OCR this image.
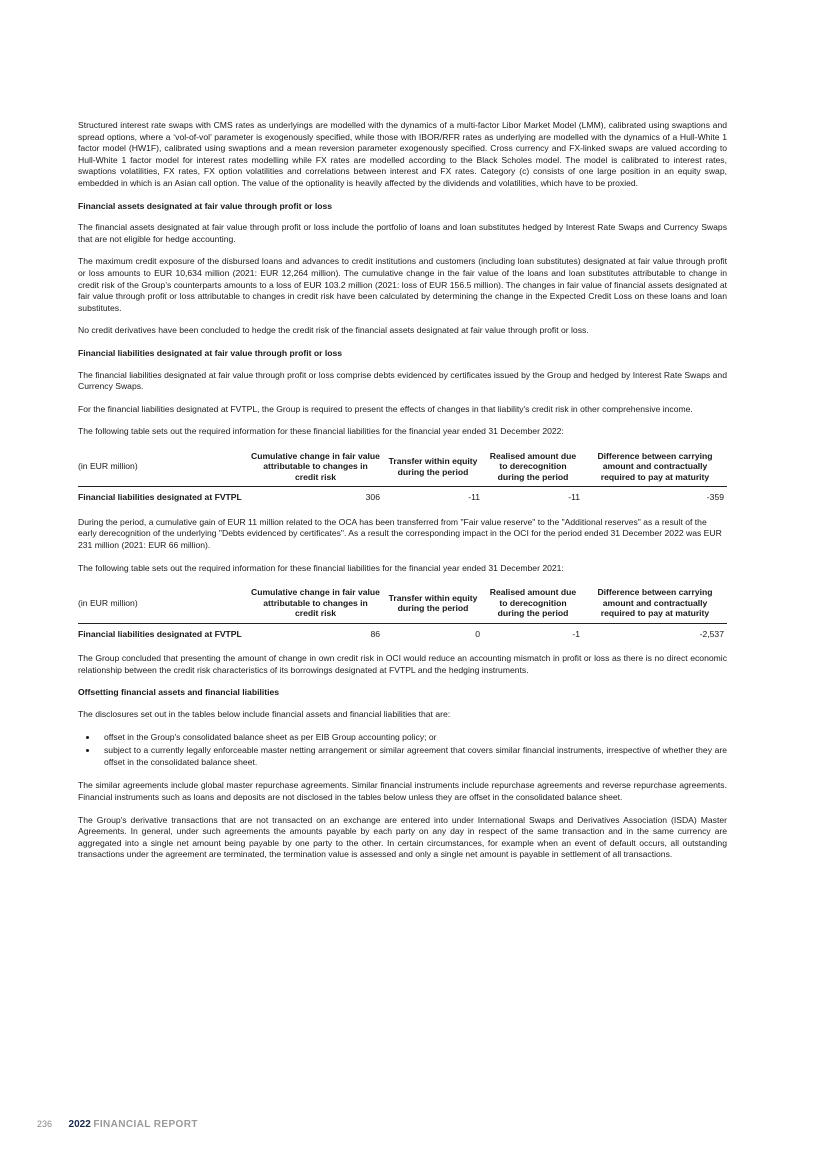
Structured interest rate swaps with CMS rates as underlyings are modelled with the dynamics of a multi-factor Libor Market Model (LMM), calibrated using swaptions and spread options, where a ‘vol-of-vol’ parameter is exogenously specified, while those with IBOR/RFR rates as underlying are modelled with the dynamics of a Hull-White 1 factor model (HW1F), calibrated using swaptions and a mean reversion parameter exogenously specified. Cross currency and FX-linked swaps are valued according to Hull-White 1 factor model for interest rates modelling while FX rates are modelled according to the Black Scholes model. The model is calibrated to interest rates, swaptions volatilities, FX rates, FX option volatilities and correlations between interest and FX rates. Category (c) consists of one large position in an equity swap, embedded in which is an Asian call option. The value of the optionality is heavily affected by the dividends and volatilities, which have to be proxied.

Financial assets designated at fair value through profit or loss

The financial assets designated at fair value through profit or loss include the portfolio of loans and loan substitutes hedged by Interest Rate Swaps and Currency Swaps that are not eligible for hedge accounting.

The maximum credit exposure of the disbursed loans and advances to credit institutions and customers (including loan substitutes) designated at fair value through profit or loss amounts to EUR 10,634 million (2021: EUR 12,264 million). The cumulative change in the fair value of the loans and loan substitutes attributable to change in credit risk of the Group’s counterparts amounts to a loss of EUR 103.2 million (2021: loss of EUR 156.5 million). The changes in fair value of financial assets designated at fair value through profit or loss attributable to changes in credit risk have been calculated by determining the change in the Expected Credit Loss on these loans and loan substitutes.

No credit derivatives have been concluded to hedge the credit risk of the financial assets designated at fair value through profit or loss.

Financial liabilities designated at fair value through profit or loss

The financial liabilities designated at fair value through profit or loss comprise debts evidenced by certificates issued by the Group and hedged by Interest Rate Swaps and Currency Swaps.

For the financial liabilities designated at FVTPL, the Group is required to present the effects of changes in that liability's credit risk in other comprehensive income.

The following table sets out the required information for these financial liabilities for the financial year ended 31 December 2022:

(in EUR million)	Cumulative change in fair value attributable to changes in credit risk	Transfer within equity during the period	Realised amount due to derecognition during the period	Difference between carrying amount and contractually required to pay at maturity
Financial liabilities designated at FVTPL	306	-11	-11	-359

During the period, a cumulative gain of EUR 11 million related to the OCA has been transferred from "Fair value reserve" to the "Additional reserves" as a result of the early derecognition of the underlying "Debts evidenced by certificates". As a result the corresponding impact in the OCI for the period ended 31 December 2022 was EUR 231 million (2021: EUR 66 million).

The following table sets out the required information for these financial liabilities for the financial year ended 31 December 2021:

(in EUR million)	Cumulative change in fair value attributable to changes in credit risk	Transfer within equity during the period	Realised amount due to derecognition during the period	Difference between carrying amount and contractually required to pay at maturity
Financial liabilities designated at FVTPL	86	0	-1	-2,537

The Group concluded that presenting the amount of change in own credit risk in OCI would reduce an accounting mismatch in profit or loss as there is no direct economic relationship between the credit risk characteristics of its borrowings designated at FVTPL and the hedging instruments.

Offsetting financial assets and financial liabilities

The disclosures set out in the tables below include financial assets and financial liabilities that are:

• offset in the Group's consolidated balance sheet as per EIB Group accounting policy; or
• subject to a currently legally enforceable master netting arrangement or similar agreement that covers similar financial instruments, irrespective of whether they are offset in the consolidated balance sheet.

The similar agreements include global master repurchase agreements. Similar financial instruments include repurchase agreements and reverse repurchase agreements. Financial instruments such as loans and deposits are not disclosed in the tables below unless they are offset in the consolidated balance sheet.

The Group's derivative transactions that are not transacted on an exchange are entered into under International Swaps and Derivatives Association (ISDA) Master Agreements. In general, under such agreements the amounts payable by each party on any day in respect of the same transaction and in the same currency are aggregated into a single net amount being payable by one party to the other. In certain circumstances, for example when an event of default occurs, all outstanding transactions under the agreement are terminated, the termination value is assessed and only a single net amount is payable in settlement of all transactions.

236 2022 FINANCIAL REPORT
